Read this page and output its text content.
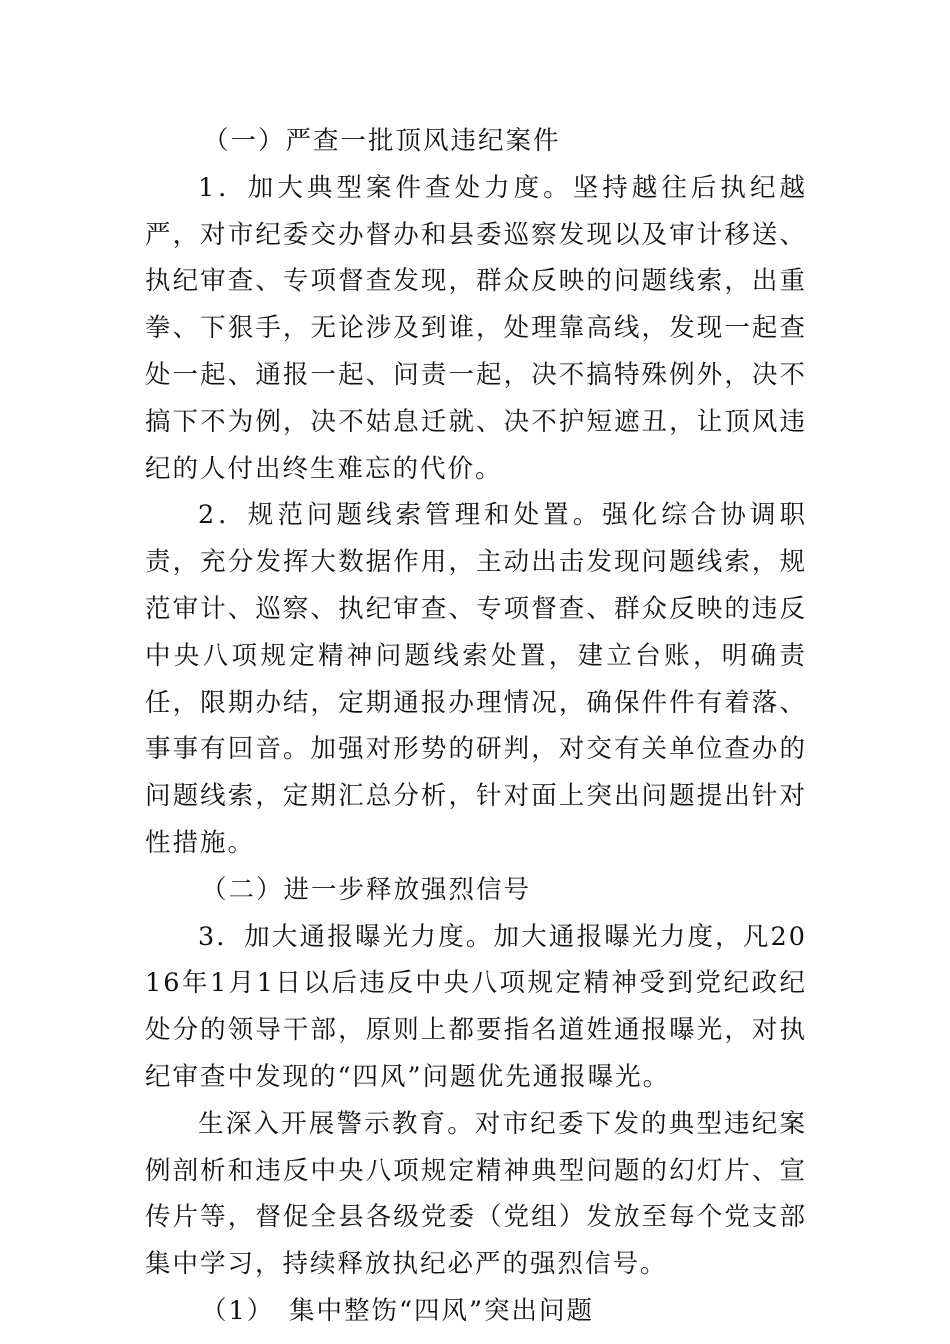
（一）严查一批顶风违纪案件

1．加大典型案件查处力度。坚持越往后执纪越严，对市纪委交办督办和县委巡察发现以及审计移送、执纪审查、专项督查发现，群众反映的问题线索，出重拳、下狠手，无论涉及到谁，处理靠高线，发现一起查处一起、通报一起、问责一起，决不搞特殊例外，决不搞下不为例，决不姑息迁就、决不护短遮丑，让顶风违纪的人付出终生难忘的代价。

2．规范问题线索管理和处置。强化综合协调职责，充分发挥大数据作用，主动出击发现问题线索，规范审计、巡察、执纪审查、专项督查、群众反映的违反中央八项规定精神问题线索处置，建立台账，明确责任，限期办结，定期通报办理情况，确保件件有着落、事事有回音。加强对形势的研判，对交有关单位查办的问题线索，定期汇总分析，针对面上突出问题提出针对性措施。

（二）进一步释放强烈信号

3．加大通报曝光力度。加大通报曝光力度，凡2016年1月1日以后违反中央八项规定精神受到党纪政纪处分的领导干部，原则上都要指名道姓通报曝光，对执纪审查中发现的“四风”问题优先通报曝光。

生深入开展警示教育。对市纪委下发的典型违纪案例剖析和违反中央八项规定精神典型问题的幻灯片、宣传片等，督促全县各级党委（党组）发放至每个党支部集中学习，持续释放执纪必严的强烈信号。

（1）　集中整饬“四风”突出问题
